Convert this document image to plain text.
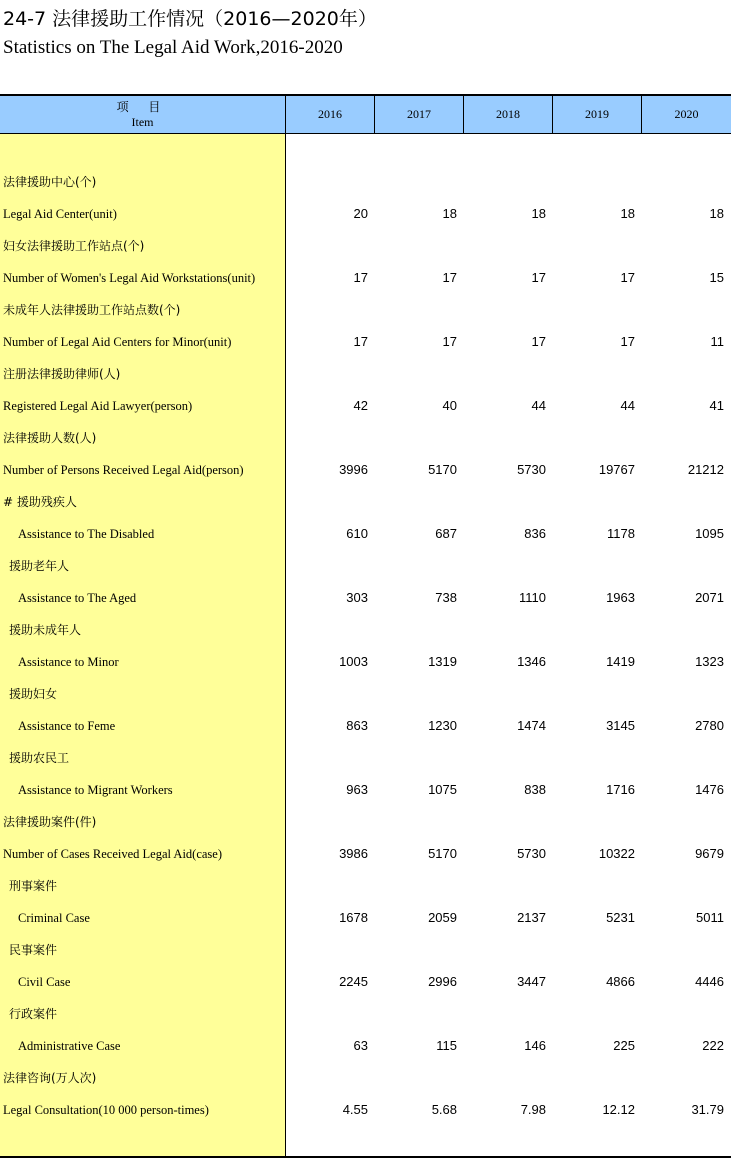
24-7 法律援助工作情况（2016—2020年）
Statistics on The Legal Aid Work,2016-2020
项 目
Item
2016	2017	2018	2019	2020
法律援助中心(个)
Legal Aid Center(unit)	20	18	18	18	18
妇女法律援助工作站点(个)
Number of Women's Legal Aid Workstations(unit)	17	17	17	17	15
未成年人法律援助工作站点数(个)
Number of Legal Aid Centers for Minor(unit)	17	17	17	17	11
注册法律援助律师(人)
Registered Legal Aid Lawyer(person)	42	40	44	44	41
法律援助人数(人)
Number of Persons Received Legal Aid(person)	3996	5170	5730	19767	21212
# 援助残疾人
Assistance to The Disabled	610	687	836	1178	1095
援助老年人
Assistance to The Aged	303	738	1110	1963	2071
援助未成年人
Assistance to Minor	1003	1319	1346	1419	1323
援助妇女
Assistance to Feme	863	1230	1474	3145	2780
援助农民工
Assistance to Migrant Workers	963	1075	838	1716	1476
法律援助案件(件)
Number of Cases Received Legal Aid(case)	3986	5170	5730	10322	9679
刑事案件
Criminal Case	1678	2059	2137	5231	5011
民事案件
Civil Case	2245	2996	3447	4866	4446
行政案件
Administrative Case	63	115	146	225	222
法律咨询(万人次)
Legal Consultation(10 000 person-times)	4.55	5.68	7.98	12.12	31.79
